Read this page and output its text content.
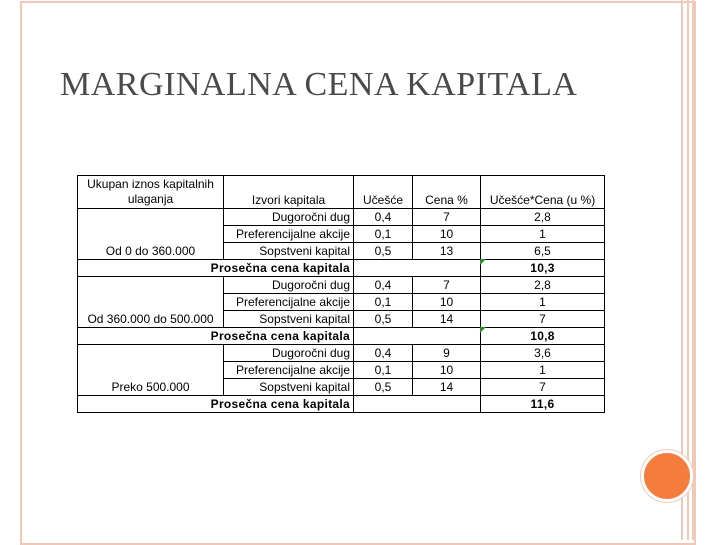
MARGINALNA CENA KAPITALA
Ukupan iznos kapitalnih ulaganja	Izvori kapitala	Učešće	Cena %	Učešće*Cena (u %)
Od 0 do 360.000	Dugoročni dug	0,4	7	2,8
	Preferencijalne akcije	0,1	10	1
	Sopstveni kapital	0,5	13	6,5
Prosečna cena kapitala				10,3
Od 360.000 do 500.000	Dugoročni dug	0,4	7	2,8
	Preferencijalne akcije	0,1	10	1
	Sopstveni kapital	0,5	14	7
Prosečna cena kapitala				10,8
Preko 500.000	Dugoročni dug	0,4	9	3,6
	Preferencijalne akcije	0,1	10	1
	Sopstveni kapital	0,5	14	7
Prosečna cena kapitala				11,6
